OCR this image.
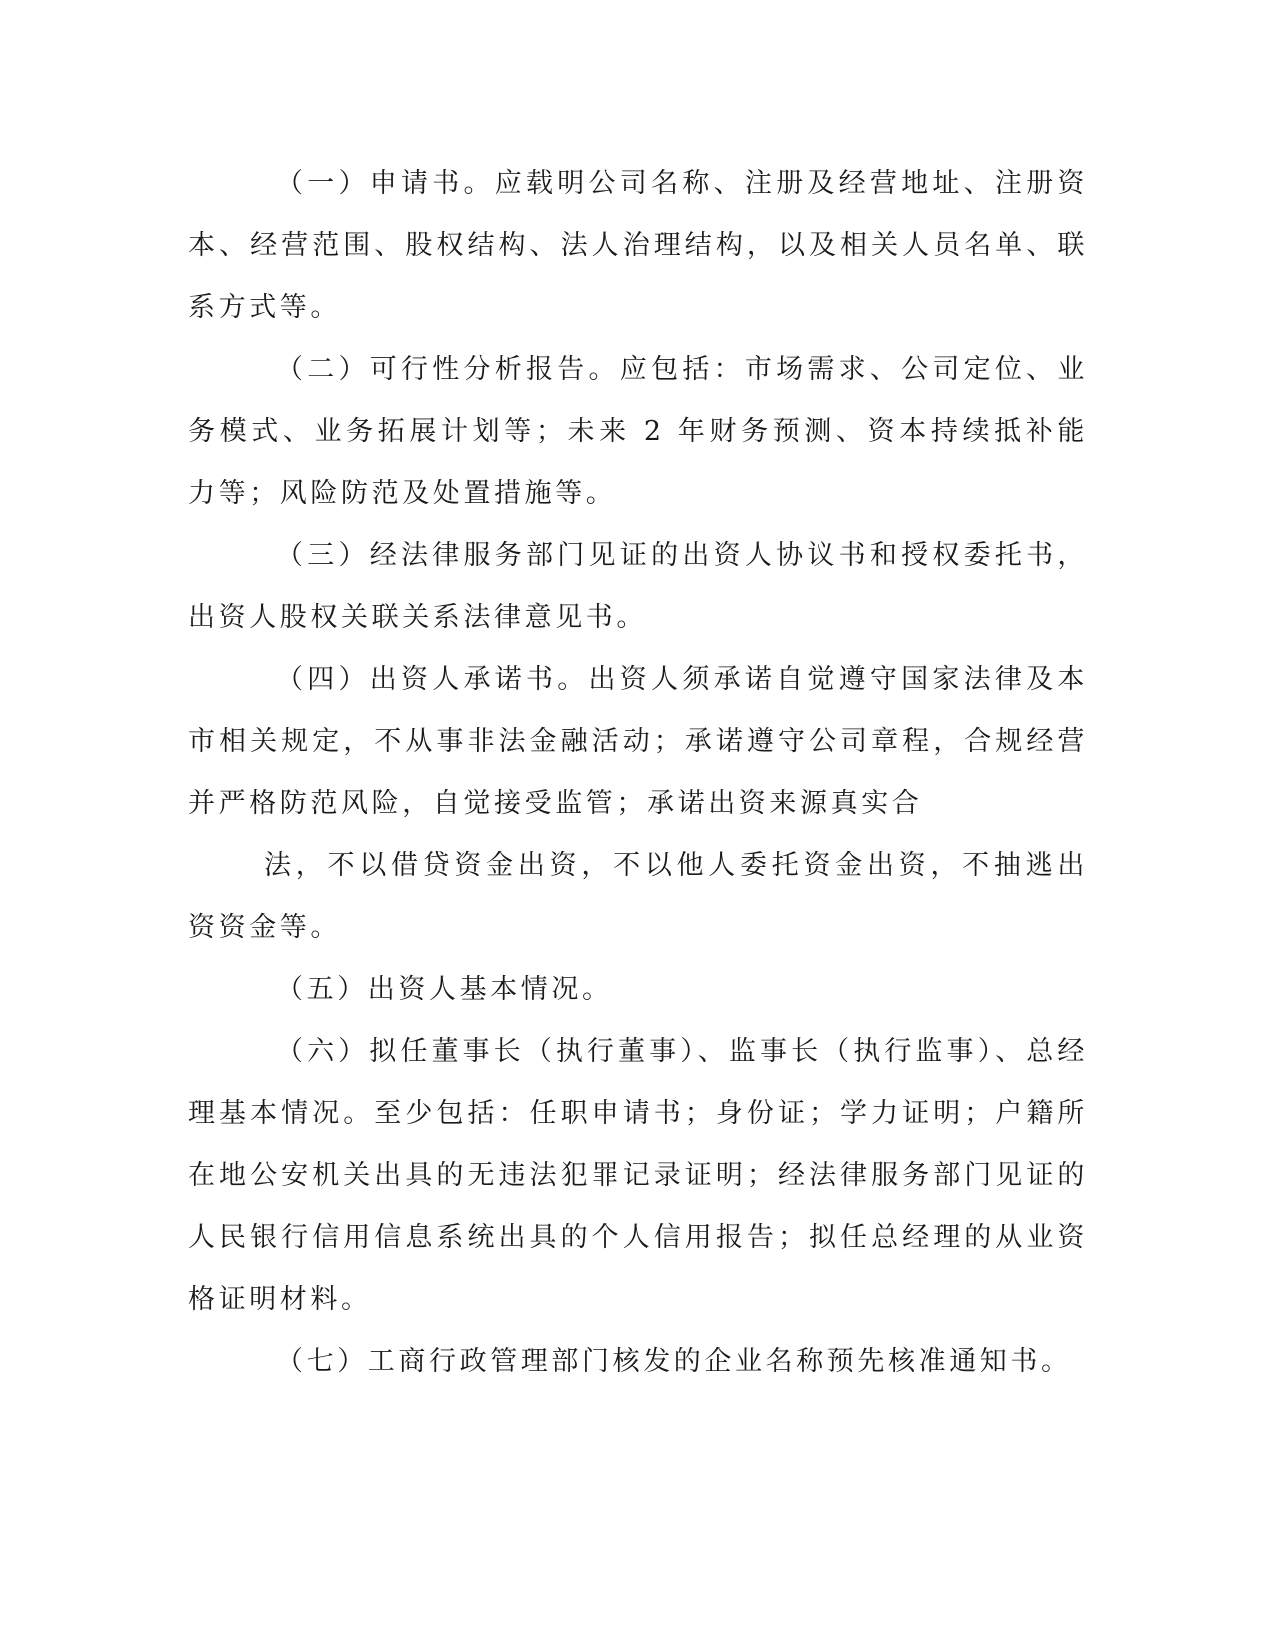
（一）申请书。应载明公司名称、注册及经营地址、注册资本、经营范围、股权结构、法人治理结构，以及相关人员名单、联系方式等。

（二）可行性分析报告。应包括：市场需求、公司定位、业务模式、业务拓展计划等；未来 2 年财务预测、资本持续抵补能力等；风险防范及处置措施等。

（三）经法律服务部门见证的出资人协议书和授权委托书，出资人股权关联关系法律意见书。

（四）出资人承诺书。出资人须承诺自觉遵守国家法律及本市相关规定，不从事非法金融活动；承诺遵守公司章程，合规经营并严格防范风险，自觉接受监管；承诺出资来源真实合

法，不以借贷资金出资，不以他人委托资金出资，不抽逃出资资金等。

（五）出资人基本情况。

（六）拟任董事长（执行董事）、监事长（执行监事）、总经理基本情况。至少包括：任职申请书；身份证；学力证明；户籍所在地公安机关出具的无违法犯罪记录证明；经法律服务部门见证的人民银行信用信息系统出具的个人信用报告；拟任总经理的从业资格证明材料。

（七）工商行政管理部门核发的企业名称预先核准通知书。
